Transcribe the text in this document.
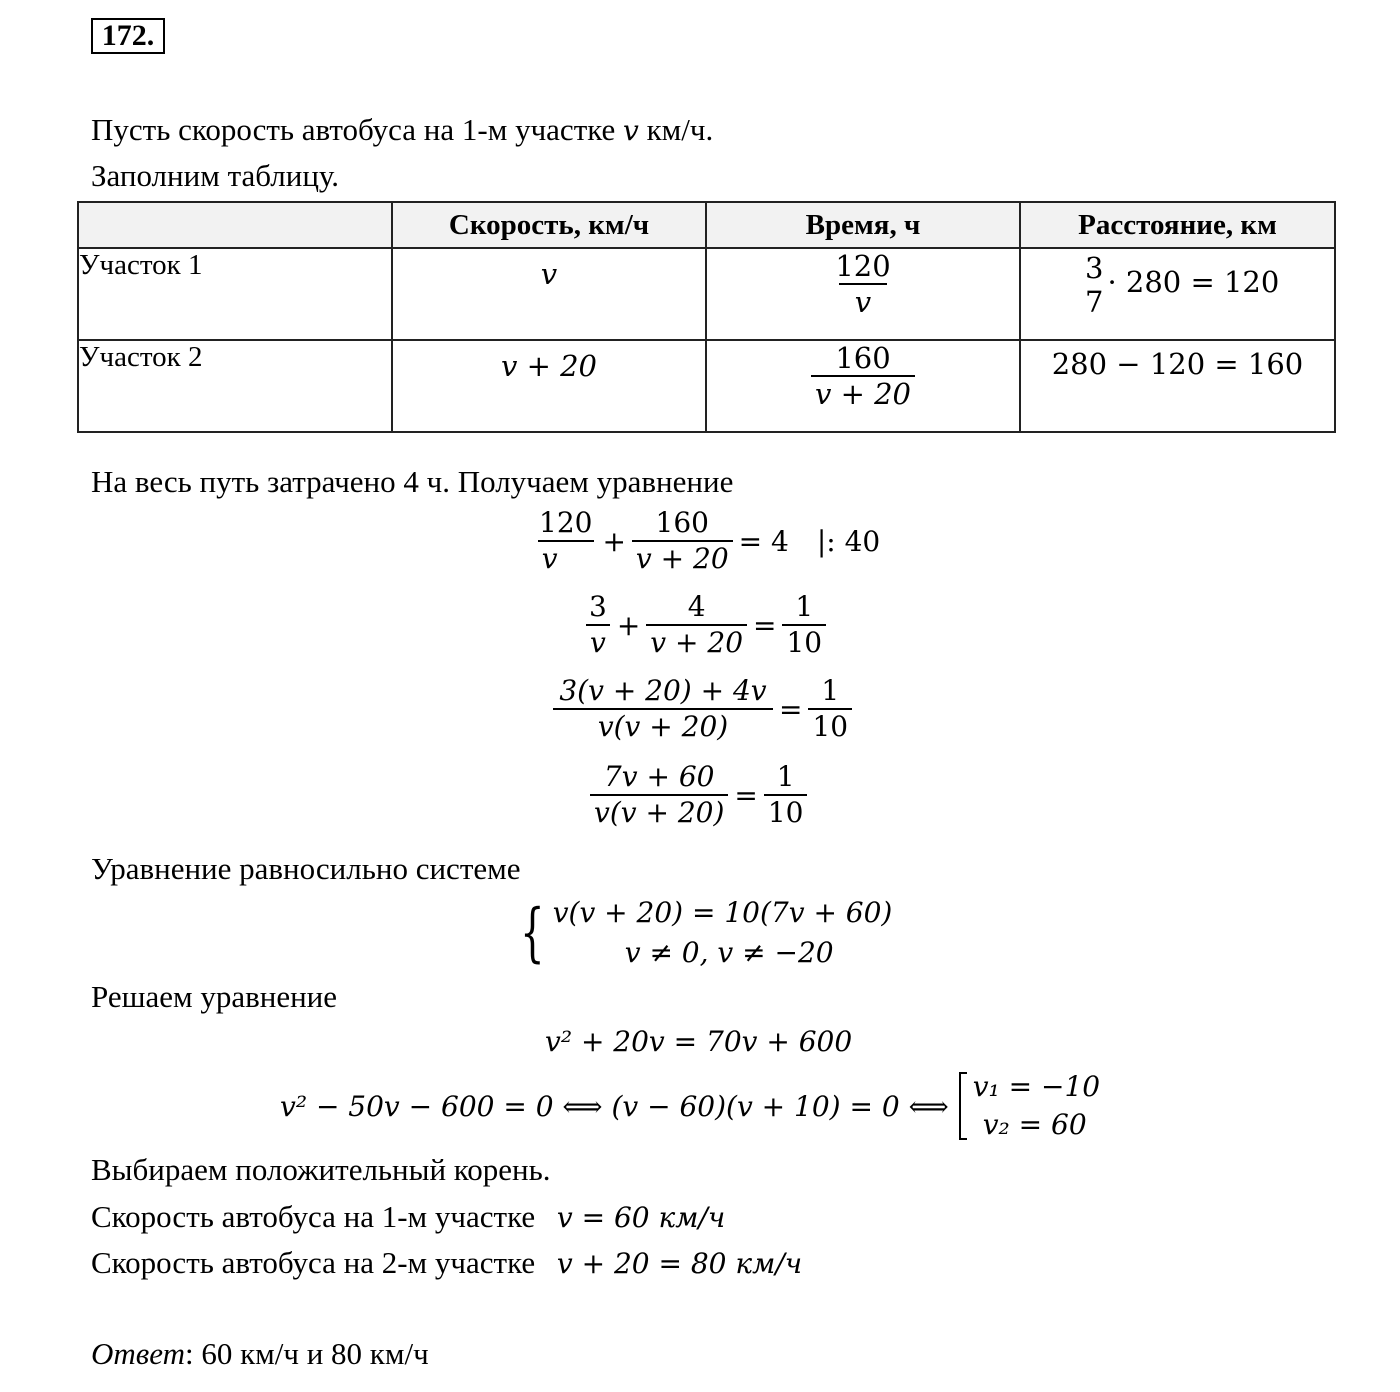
172.
Пусть скорость автобуса на 1-м участке v км/ч.
Заполним таблицу.
	Скорость, км/ч	Время, ч	Расстояние, км
Участок 1	v	$\frac{120}{v}$	3
7
· 280 = 120
Участок 2	v + 20	$\frac{160}{v + 20}$	280 − 120 = 160
На весь путь затрачено 4 ч. Получаем уравнение
$\frac{120}{v} + \frac{160}{v + 20} = 4$	|: 40
$\frac{3}{v} + \frac{4}{v + 20} = \frac{1}{10}$
$\frac{3(v + 20) + 4v}{v(v + 20)} = \frac{1}{10}$
$\frac{7v + 60}{v(v + 20)} = \frac{1}{10}$
Уравнение равносильно системе
{ v(v + 20) = 10(7v + 60)
v ≠ 0, v ≠ −20
Решаем уравнение
v² + 20v = 70v + 600
v² − 50v − 600 = 0 ⟺ (v − 60)(v + 10) = 0 ⟺
v₁ = −10
v₂ = 60
Выбираем положительный корень.
Скорость автобуса на 1-м участке v = 60 км/ч
Скорость автобуса на 2-м участке v + 20 = 80 км/ч
Ответ: 60 км/ч и 80 км/ч
